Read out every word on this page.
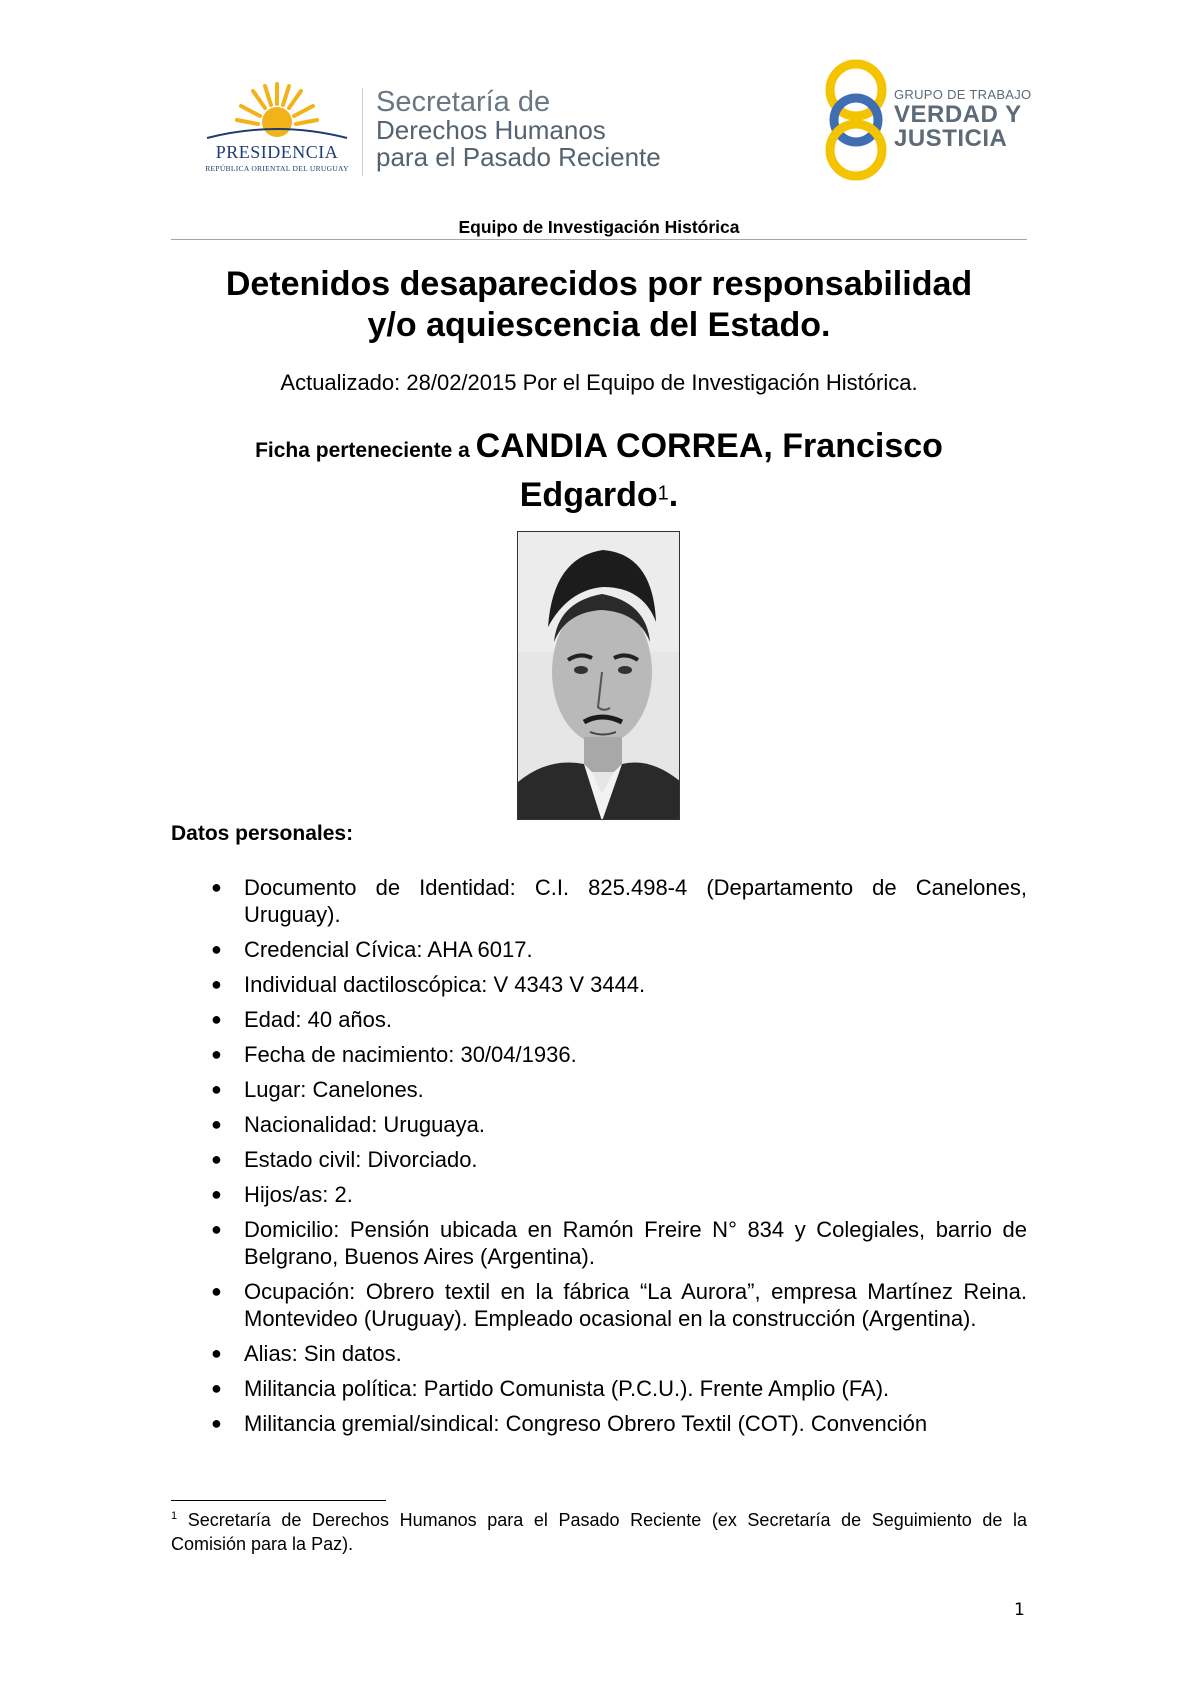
PRESIDENCIA
REPÚBLICA ORIENTAL DEL URUGUAY
Secretaría de
Derechos Humanos
para el Pasado Reciente
GRUPO DE TRABAJO
VERDAD Y
JUSTICIA
Equipo de Investigación Histórica
Detenidos desaparecidos por responsabilidad
y/o aquiescencia del Estado.
Actualizado: 28/02/2015 Por el Equipo de Investigación Histórica.
Ficha perteneciente a CANDIA CORREA, Francisco
Edgardo1.
Datos personales:
● Documento de Identidad: C.I. 825.498-4 (Departamento de Canelones, Uruguay).
● Credencial Cívica: AHA 6017.
● Individual dactiloscópica: V 4343 V 3444.
● Edad: 40 años.
● Fecha de nacimiento: 30/04/1936.
● Lugar: Canelones.
● Nacionalidad: Uruguaya.
● Estado civil: Divorciado.
● Hijos/as: 2.
● Domicilio: Pensión ubicada en Ramón Freire N° 834 y Colegiales, barrio de Belgrano, Buenos Aires (Argentina).
● Ocupación: Obrero textil en la fábrica “La Aurora”, empresa Martínez Reina. Montevideo (Uruguay). Empleado ocasional en la construcción (Argentina).
● Alias: Sin datos.
● Militancia política: Partido Comunista (P.C.U.). Frente Amplio (FA).
● Militancia gremial/sindical: Congreso Obrero Textil (COT). Convención
$^1$ Secretaría de Derechos Humanos para el Pasado Reciente (ex Secretaría de Seguimiento de la Comisión para la Paz).
1
